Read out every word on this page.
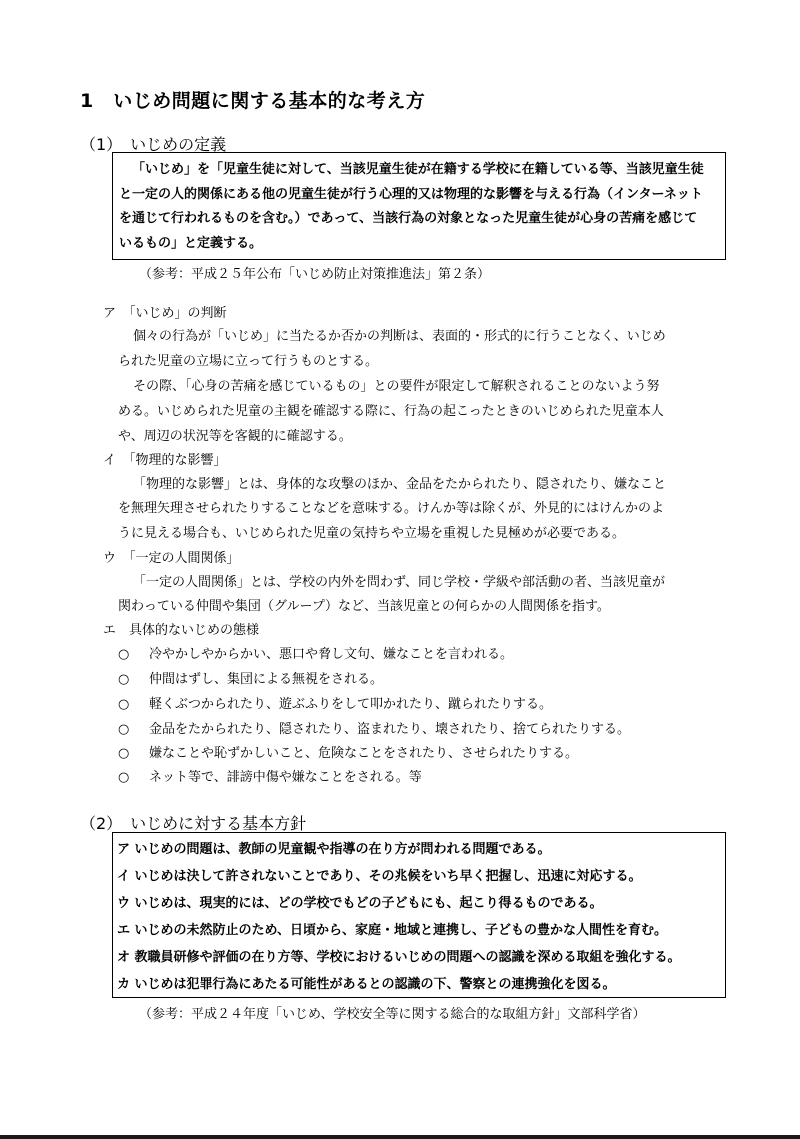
1　いじめ問題に関する基本的な考え方
（1）　いじめの定義
「いじめ」を「児童生徒に対して、当該児童生徒が在籍する学校に在籍している等、当該児童生徒
と一定の人的関係にある他の児童生徒が行う心理的又は物理的な影響を与える行為（インターネット
を通じて行われるものを含む。）であって、当該行為の対象となった児童生徒が心身の苦痛を感じて
いるもの」と定義する。
（参考：平成２５年公布「いじめ防止対策推進法」第２条）
ア　「いじめ」の判断
個々の行為が「いじめ」に当たるか否かの判断は、表面的・形式的に行うことなく、いじめ
られた児童の立場に立って行うものとする。
その際、「心身の苦痛を感じているもの」との要件が限定して解釈されることのないよう努
める。いじめられた児童の主観を確認する際に、行為の起こったときのいじめられた児童本人
や、周辺の状況等を客観的に確認する。
イ　「物理的な影響」
「物理的な影響」とは、身体的な攻撃のほか、金品をたかられたり、隠されたり、嫌なこと
を無理矢理させられたりすることなどを意味する。けんか等は除くが、外見的にはけんかのよ
うに見える場合も、いじめられた児童の気持ちや立場を重視した見極めが必要である。
ウ　「一定の人間関係」
「一定の人間関係」とは、学校の内外を問わず、同じ学校・学級や部活動の者、当該児童が
関わっている仲間や集団（グループ）など、当該児童との何らかの人間関係を指す。
エ　具体的ないじめの態様
○ 冷やかしやからかい、悪口や脅し文句、嫌なことを言われる。
○ 仲間はずし、集団による無視をされる。
○ 軽くぶつかられたり、遊ぶふりをして叩かれたり、蹴られたりする。
○ 金品をたかられたり、隠されたり、盗まれたり、壊されたり、捨てられたりする。
○ 嫌なことや恥ずかしいこと、危険なことをされたり、させられたりする。
○ ネット等で、誹謗中傷や嫌なことをされる。等
（2）　いじめに対する基本方針
ア いじめの問題は、教師の児童観や指導の在り方が問われる問題である。
イ いじめは決して許されないことであり、その兆候をいち早く把握し、迅速に対応する。
ウ いじめは、現実的には、どの学校でもどの子どもにも、起こり得るものである。
エ いじめの未然防止のため、日頃から、家庭・地域と連携し、子どもの豊かな人間性を育む。
オ 教職員研修や評価の在り方等、学校におけるいじめの問題への認識を深める取組を強化する。
カ いじめは犯罪行為にあたる可能性があるとの認識の下、警察との連携強化を図る。
（参考：平成２４年度「いじめ、学校安全等に関する総合的な取組方針」文部科学省）
